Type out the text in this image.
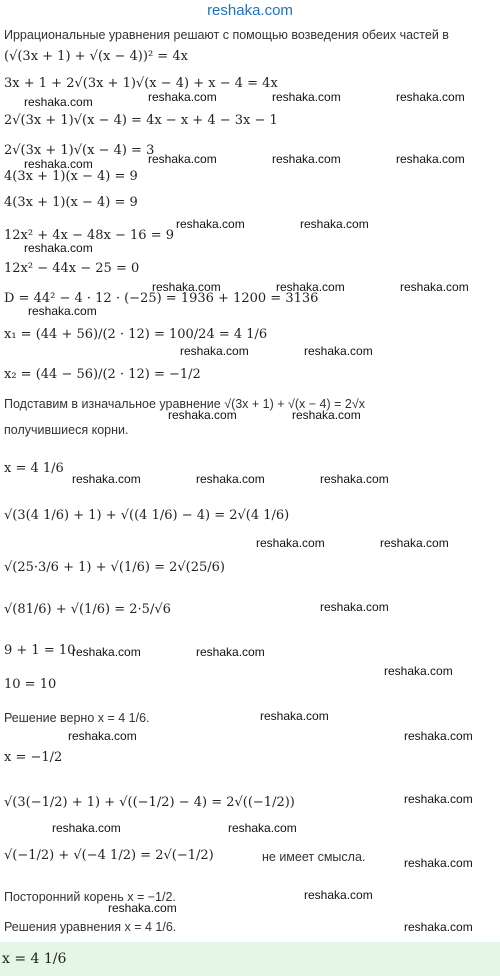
reshaka.com
Иррациональные уравнения решают с помощью возведения обеих частей в
(√(3x + 1) + √(x − 4))² = 4x
3x + 1 + 2√(3x + 1)√(x − 4) + x − 4 = 4x
2√(3x + 1)√(x − 4) = 4x − x + 4 − 3x − 1
2√(3x + 1)√(x − 4) = 3
4(3x + 1)(x − 4) = 9
4(3x + 1)(x − 4) = 9
12x² + 4x − 48x − 16 = 9
12x² − 44x − 25 = 0
D = 44² − 4 · 12 · (−25) = 1936 + 1200 = 3136
x₁ = (44 + 56)/(2 · 12) = 100/24 = 4 1/6
x₂ = (44 − 56)/(2 · 12) = −1/2
Подставим в изначальное уравнение √(3x + 1) + √(x − 4) = 2√x
получившиеся корни.
x = 4 1/6
√(3(4 1/6) + 1) + √((4 1/6) − 4) = 2√(4 1/6)
√(25·3/6 + 1) + √(1/6) = 2√(25/6)
√(81/6) + √(1/6) = 2·5/√6
9 + 1 = 10
10 = 10
Решение верно x = 4 1/6.
x = −1/2
√(3(−1/2) + 1) + √((−1/2) − 4) = 2√((−1/2))
√(−1/2) + √(−4 1/2) = 2√(−1/2)	не имеет смысла.
Посторонний корень x = −1/2.
Решения уравнения x = 4 1/6.
x = 4 1/6
reshaka.com	reshaka.com	reshaka.com	reshaka.com
reshaka.com	reshaka.com	reshaka.com	reshaka.com
reshaka.com	reshaka.com
reshaka.com
reshaka.com	reshaka.com	reshaka.com
reshaka.com
reshaka.com	reshaka.com
reshaka.com	reshaka.com
reshaka.com	reshaka.com	reshaka.com
reshaka.com	reshaka.com
reshaka.com
reshaka.com	reshaka.com
reshaka.com
reshaka.com
reshaka.com	reshaka.com
reshaka.com
reshaka.com	reshaka.com
reshaka.com
reshaka.com
reshaka.com
reshaka.com
